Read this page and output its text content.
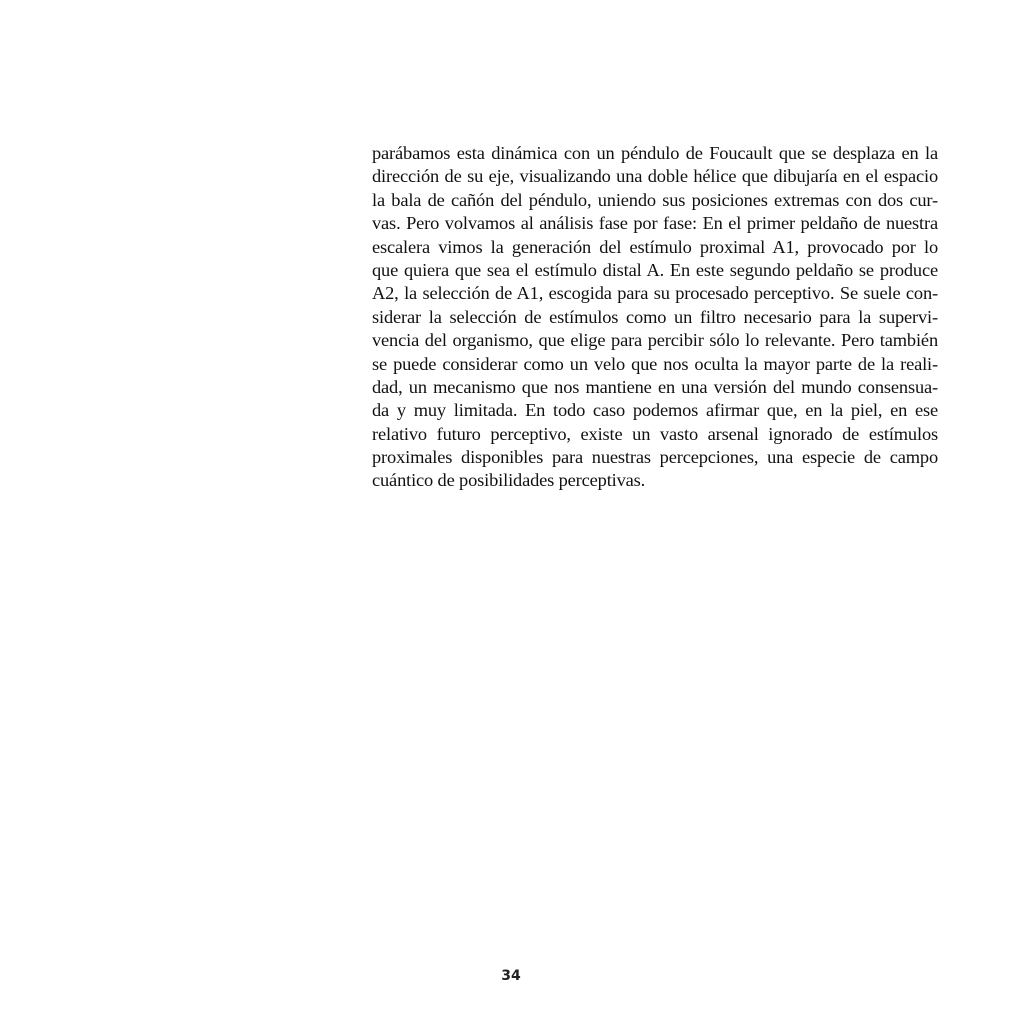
parábamos esta dinámica con un péndulo de Foucault que se desplaza en la
dirección de su eje, visualizando una doble hélice que dibujaría en el espacio
la bala de cañón del péndulo, uniendo sus posiciones extremas con dos cur-
vas. Pero volvamos al análisis fase por fase: En el primer peldaño de nuestra
escalera vimos la generación del estímulo proximal A1, provocado por lo
que quiera que sea el estímulo distal A. En este segundo peldaño se produce
A2, la selección de A1, escogida para su procesado perceptivo. Se suele con-
siderar la selección de estímulos como un filtro necesario para la supervi-
vencia del organismo, que elige para percibir sólo lo relevante. Pero también
se puede considerar como un velo que nos oculta la mayor parte de la reali-
dad, un mecanismo que nos mantiene en una versión del mundo consensua-
da y muy limitada. En todo caso podemos afirmar que, en la piel, en ese
relativo futuro perceptivo, existe un vasto arsenal ignorado de estímulos
proximales disponibles para nuestras percepciones, una especie de campo
cuántico de posibilidades perceptivas.
34
